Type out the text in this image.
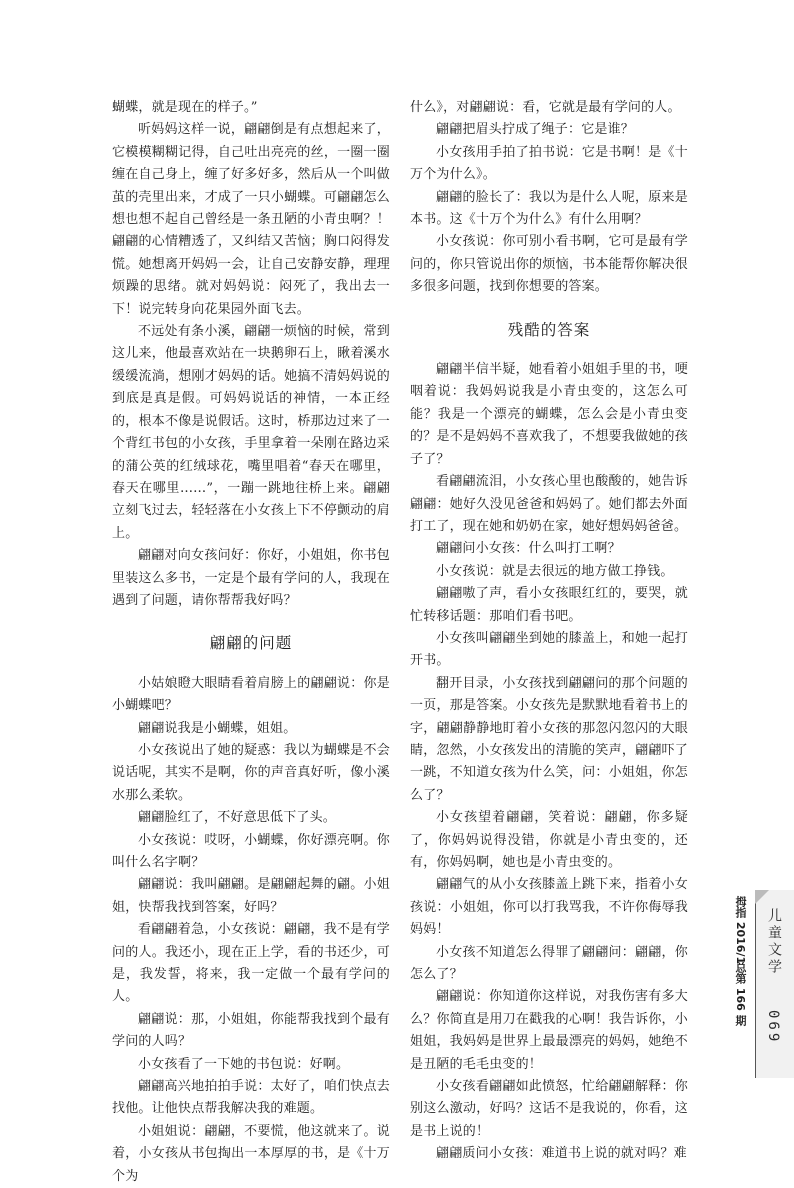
蝴蝶，就是现在的样子。”

听妈妈这样一说，翩翩倒是有点想起来了，它模模糊糊记得，自己吐出亮亮的丝，一圈一圈缠在自己身上，缠了好多好多，然后从一个叫做茧的壳里出来，才成了一只小蝴蝶。可翩翩怎么想也想不起自己曾经是一条丑陋的小青虫啊？！翩翩的心情糟透了，又纠结又苦恼；胸口闷得发慌。她想离开妈妈一会，让自己安静安静，理理烦躁的思绪。就对妈妈说：闷死了，我出去一下！说完转身向花果园外面飞去。

不远处有条小溪，翩翩一烦恼的时候，常到这儿来，他最喜欢站在一块鹅卵石上，瞅着溪水缓缓流淌，想刚才妈妈的话。她搞不清妈妈说的到底是真是假。可妈妈说话的神情，一本正经的，根本不像是说假话。这时，桥那边过来了一个背红书包的小女孩，手里拿着一朵刚在路边采的蒲公英的红绒球花，嘴里唱着“春天在哪里，春天在哪里……”，一蹦一跳地往桥上来。翩翩立刻飞过去，轻轻落在小女孩上下不停颤动的肩上。

翩翩对向女孩问好：你好，小姐姐，你书包里装这么多书，一定是个最有学问的人，我现在遇到了问题，请你帮帮我好吗？

翩翩的问题

小姑娘瞪大眼睛看着肩膀上的翩翩说：你是小蝴蝶吧？

翩翩说我是小蝴蝶，姐姐。

小女孩说出了她的疑惑：我以为蝴蝶是不会说话呢，其实不是啊，你的声音真好听，像小溪水那么柔软。

翩翩脸红了，不好意思低下了头。

小女孩说：哎呀，小蝴蝶，你好漂亮啊。你叫什么名字啊？

翩翩说：我叫翩翩。是翩翩起舞的翩。小姐姐，快帮我找到答案，好吗？

看翩翩着急，小女孩说：翩翩，我不是有学问的人。我还小，现在正上学，看的书还少，可是，我发誓，将来，我一定做一个最有学问的人。

翩翩说：那，小姐姐，你能帮我找到个最有学问的人吗？

小女孩看了一下她的书包说：好啊。

翩翩高兴地拍拍手说：太好了，咱们快点去找他。让他快点帮我解决我的难题。

小姐姐说：翩翩，不要慌，他这就来了。说着，小女孩从书包掏出一本厚厚的书，是《十万个为

什么》，对翩翩说：看，它就是最有学问的人。

翩翩把眉头拧成了绳子：它是谁？

小女孩用手拍了拍书说：它是书啊！是《十万个为什么》。

翩翩的脸长了：我以为是什么人呢，原来是本书。这《十万个为什么》有什么用啊？

小女孩说：你可别小看书啊，它可是最有学问的，你只管说出你的烦恼，书本能帮你解决很多很多问题，找到你想要的答案。

残酷的答案

翩翩半信半疑，她看着小姐姐手里的书，哽咽着说：我妈妈说我是小青虫变的，这怎么可能？我是一个漂亮的蝴蝶，怎么会是小青虫变的？是不是妈妈不喜欢我了，不想要我做她的孩子了？

看翩翩流泪，小女孩心里也酸酸的，她告诉翩翩：她好久没见爸爸和妈妈了。她们都去外面打工了，现在她和奶奶在家，她好想妈妈爸爸。

翩翩问小女孩：什么叫打工啊？

小女孩说：就是去很远的地方做工挣钱。

翩翩嗷了声，看小女孩眼红红的，要哭，就忙转移话题：那咱们看书吧。

小女孩叫翩翩坐到她的膝盖上，和她一起打开书。

翻开目录，小女孩找到翩翩问的那个问题的一页，那是答案。小女孩先是默默地看着书上的字，翩翩静静地盯着小女孩的那忽闪忽闪的大眼睛，忽然，小女孩发出的清脆的笑声，翩翩吓了一跳，不知道女孩为什么笑，问：小姐姐，你怎么了？

小女孩望着翩翩，笑着说：翩翩，你多疑了，你妈妈说得没错，你就是小青虫变的，还有，你妈妈啊，她也是小青虫变的。

翩翩气的从小女孩膝盖上跳下来，指着小女孩说：小姐姐，你可以打我骂我，不许你侮辱我妈妈！

小女孩不知道怎么得罪了翩翩问：翩翩，你怎么了？

翩翩说：你知道你这样说，对我伤害有多大么？你简直是用刀在戳我的心啊！我告诉你，小姐姐，我妈妈是世界上最最漂亮的妈妈，她绝不是丑陋的毛毛虫变的！

小女孩看翩翩如此愤怒，忙给翩翩解释：你别这么激动，好吗？这话不是我说的，你看，这是书上说的！

翩翩质问小女孩：难道书上说的就对吗？难

拇指 2016/1
总第 166 期
儿童文学
069
